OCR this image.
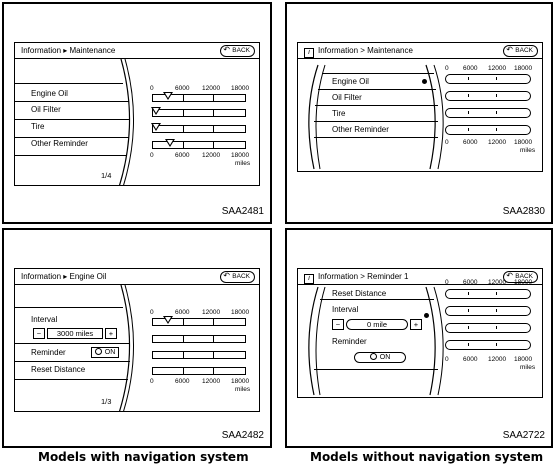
Information ▸ Maintenance	↶ BACK
Engine Oil
Oil Filter
Tire
Other Reminder
1/4
0	6000 12000 18000
0	6000 12000 18000
miles
SAA2481
i Information > Maintenance	↶ BACK
Engine Oil
Oil Filter
Tire
Other Reminder
0 6000 12000 18000
0 6000 12000 18000
miles
SAA2830
Information ▸ Engine Oil	↶ BACK
Interval
−	3000 miles	+
Reminder	ON
Reset Distance
1/3
0	6000 12000 18000
0	6000 12000 18000
miles
SAA2482
i Information > Reminder 1	↶ BACK
Reset Distance
Interval
−	0 mile	+
Reminder
ON
0 6000 12000 18000
0 6000 12000 18000
miles
SAA2722
Models with navigation system	Models without navigation system
